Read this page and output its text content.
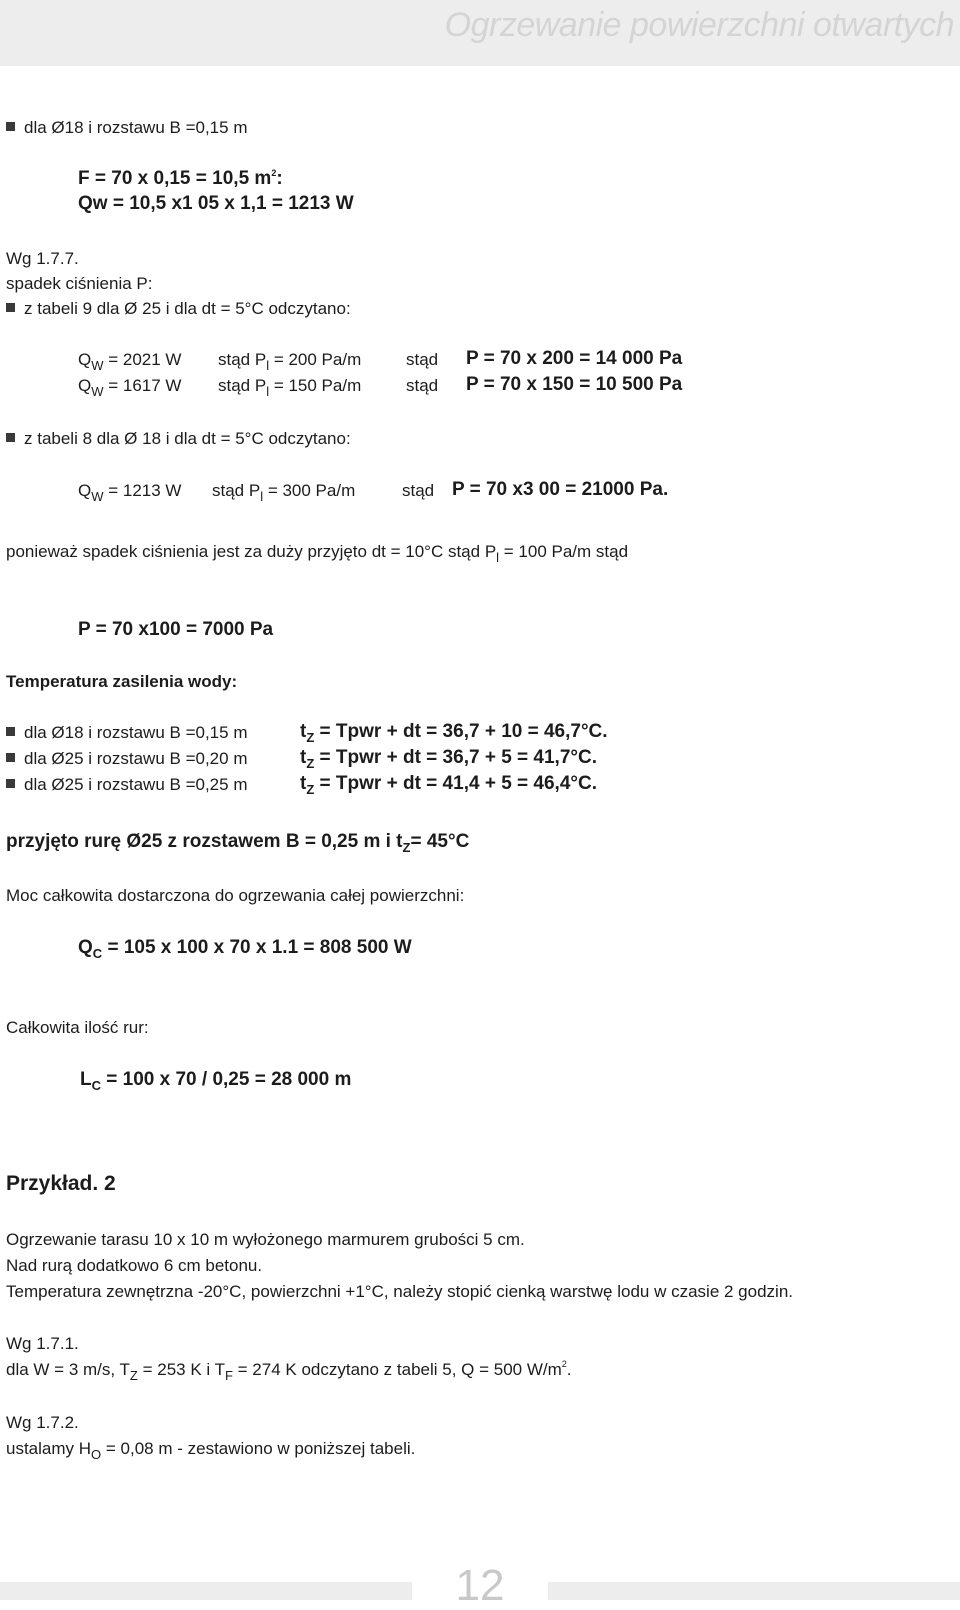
Ogrzewanie powierzchni otwartych
dla Ø18 i rozstawu B =0,15 m
F = 70 x 0,15 = 10,5 $m^2$:
Qw = 10,5 x1 05 x 1,1 = 1213 W
Wg 1.7.7.
spadek ciśnienia P:
z tabeli 9 dla Ø 25 i dla dt = 5°C odczytano:
$Q_W = 2021$ W stąd $P_l = 200$ Pa/m	stąd P = 70 x 200 = 14 000 Pa
$Q_W = 1617$ W stąd $P_l = 150$ Pa/m	stąd P = 70 x 150 = 10 500 Pa
z tabeli 8 dla Ø 18 i dla dt = 5°C odczytano:
$Q_W = 1213$ W stąd $P_l = 300$ Pa/m	stąd P = 70 x3 00 = 21000 Pa.
ponieważ spadek ciśnienia jest za duży przyjęto dt = 10°C stąd $P_l = 100$ Pa/m stąd
P = 70 x100 = 7000 Pa
Temperatura zasilenia wody:
dla Ø18 i rozstawu B =0,15 m	$t_Z$ = Tpwr + dt = 36,7 + 10 = 46,7°C.
dla Ø25 i rozstawu B =0,20 m	$t_Z$ = Tpwr + dt = 36,7 + 5 = 41,7°C.
dla Ø25 i rozstawu B =0,25 m	$t_Z$ = Tpwr + dt = 41,4 + 5 = 46,4°C.
przyjęto rurę Ø25 z rozstawem B = 0,25 m i $t_Z= 45^\circ C$
Moc całkowita dostarczona do ogrzewania całej powierzchni:
$Q_C = 105$ x 100 x 70 x 1.1 = 808 500 W
Całkowita ilość rur:
$L_C = 100$ x 70 / 0,25 = 28 000 m
Przykład. 2
Ogrzewanie tarasu 10 x 10 m wyłożonego marmurem grubości 5 cm.
Nad rurą dodatkowo 6 cm betonu.
Temperatura zewnętrzna -20°C, powierzchni +1°C, należy stopić cienką warstwę lodu w czasie 2 godzin.
Wg 1.7.1.
dla W = 3 m/s, $T_Z = 253$ K i $T_F = 274$ K odczytano z tabeli 5, Q = 500 $W/m^2$.
Wg 1.7.2.
ustalamy $H_O = 0,08$ m - zestawiono w poniższej tabeli.
12
